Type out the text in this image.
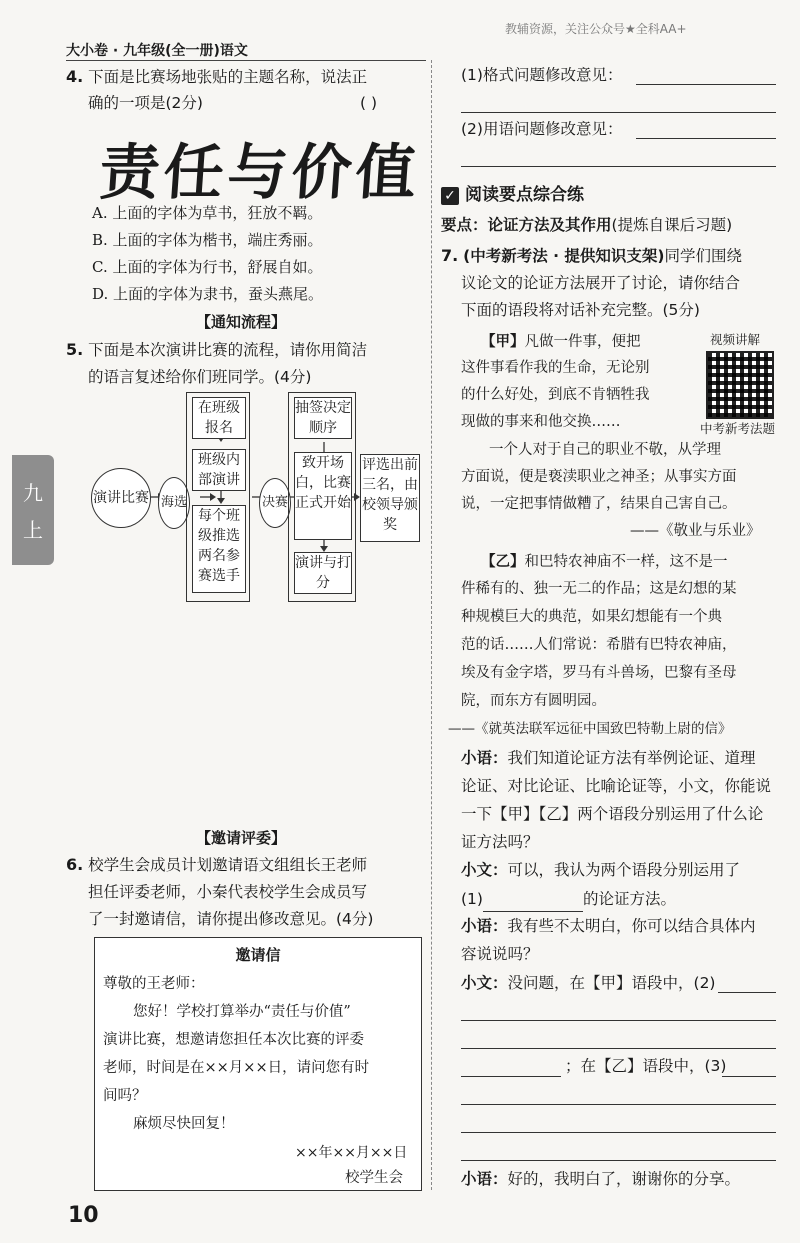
教辅资源，关注公众号★全科AA+
大小卷 · 九年级(全一册)语文
九
上
4. 下面是比赛场地张贴的主题名称，说法正
确的一项是(2分)	( )
责任与价值
A. 上面的字体为草书，狂放不羁。
B. 上面的字体为楷书，端庄秀丽。
C. 上面的字体为行书，舒展自如。
D. 上面的字体为隶书，蚕头燕尾。
【通知流程】
5. 下面是本次演讲比赛的流程，请你用简洁
的语言复述给你们班同学。(4分)
演讲比赛 海选
在班级报名
班级内部演讲
每个班级推选两名参赛选手
决赛
抽签决定顺序
致开场白，比赛正式开始
演讲与打分
评选出前三名，由校领导颁奖
【邀请评委】
6. 校学生会成员计划邀请语文组组长王老师
担任评委老师，小秦代表校学生会成员写
了一封邀请信，请你提出修改意见。(4分)
邀请信
尊敬的王老师：
您好！学校打算举办“责任与价值”
演讲比赛，想邀请您担任本次比赛的评委
老师，时间是在××月××日，请问您有时
间吗？
麻烦尽快回复！
××年××月××日
校学生会
(1)格式问题修改意见：
(2)用语问题修改意见：
✓ 阅读要点综合练
要点：论证方法及其作用(提炼自课后习题)
7. (中考新考法 · 提供知识支架)同学们围绕
议论文的论证方法展开了讨论，请你结合
下面的语段将对话补充完整。(5分)
视频讲解
中考新考法题
【甲】凡做一件事，便把
这件事看作我的生命，无论别
的什么好处，到底不肯牺牲我
现做的事来和他交换……
一个人对于自己的职业不敬，从学理
方面说，便是亵渎职业之神圣；从事实方面
说，一定把事情做糟了，结果自己害自己。
——《敬业与乐业》
【乙】和巴特农神庙不一样，这不是一
件稀有的、独一无二的作品；这是幻想的某
种规模巨大的典范，如果幻想能有一个典
范的话……人们常说：希腊有巴特农神庙，
埃及有金字塔，罗马有斗兽场，巴黎有圣母
院，而东方有圆明园。
——《就英法联军远征中国致巴特勒上尉的信》
小语：我们知道论证方法有举例论证、道理
论证、对比论证、比喻论证等，小文，你能说
一下【甲】【乙】两个语段分别运用了什么论
证方法吗？
小文：可以，我认为两个语段分别运用了
(1)	的论证方法。
小语：我有些不太明白，你可以结合具体内
容说说吗？
小文：没问题，在【甲】语段中，(2)
；在【乙】语段中，(3)
小语：好的，我明白了，谢谢你的分享。
10
